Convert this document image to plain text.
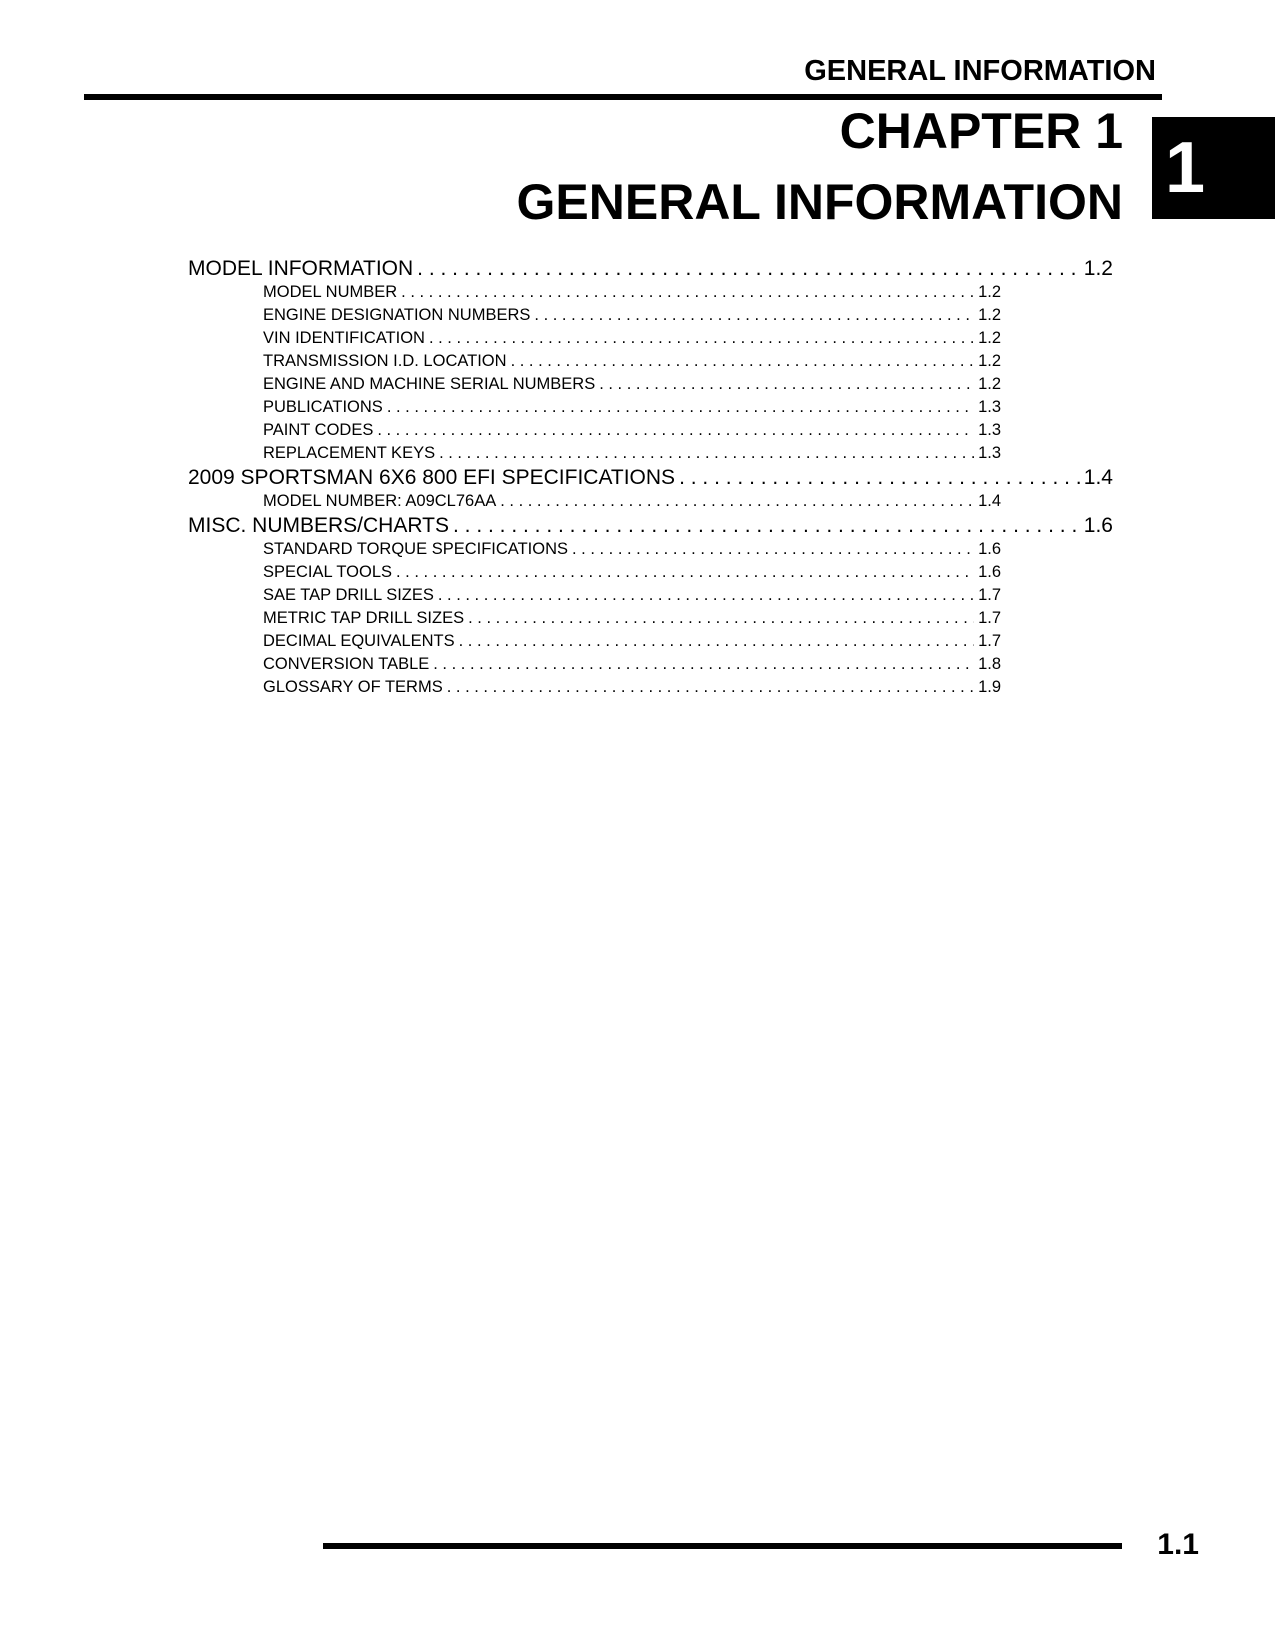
GENERAL INFORMATION
1
CHAPTER 1
GENERAL INFORMATION
MODEL INFORMATION . . .	1.2
MODEL NUMBER . . .	1.2
ENGINE DESIGNATION NUMBERS . . .	1.2
VIN IDENTIFICATION . . .	1.2
TRANSMISSION I.D. LOCATION . . .	1.2
ENGINE AND MACHINE SERIAL NUMBERS . . .	1.2
PUBLICATIONS . . .	1.3
PAINT CODES . . .	1.3
REPLACEMENT KEYS . . .	1.3
2009 SPORTSMAN 6X6 800 EFI SPECIFICATIONS . . .	1.4
MODEL NUMBER: A09CL76AA . . .	1.4
MISC. NUMBERS/CHARTS . . .	1.6
STANDARD TORQUE SPECIFICATIONS . . .	1.6
SPECIAL TOOLS . . .	1.6
SAE TAP DRILL SIZES . . .	1.7
METRIC TAP DRILL SIZES . . .	1.7
DECIMAL EQUIVALENTS . . .	1.7
CONVERSION TABLE . . .	1.8
GLOSSARY OF TERMS . . .	1.9
1.1
